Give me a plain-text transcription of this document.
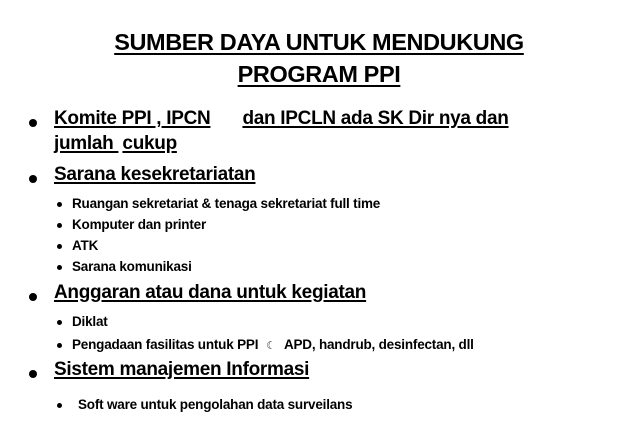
SUMBER DAYA UNTUK MENDUKUNG
PROGRAM PPI
Komite PPI , IPCN dan IPCLN ada SK Dir nya dan
jumlah cukup
Sarana kesekretariatan
Ruangan sekretariat & tenaga sekretariat full time
Komputer dan printer
ATK
Sarana komunikasi
Anggaran atau dana untuk kegiatan
Diklat
Pengadaan fasilitas untuk PPI ☾ APD, handrub, desinfectan, dll
Sistem manajemen Informasi
Soft ware untuk pengolahan data surveilans
